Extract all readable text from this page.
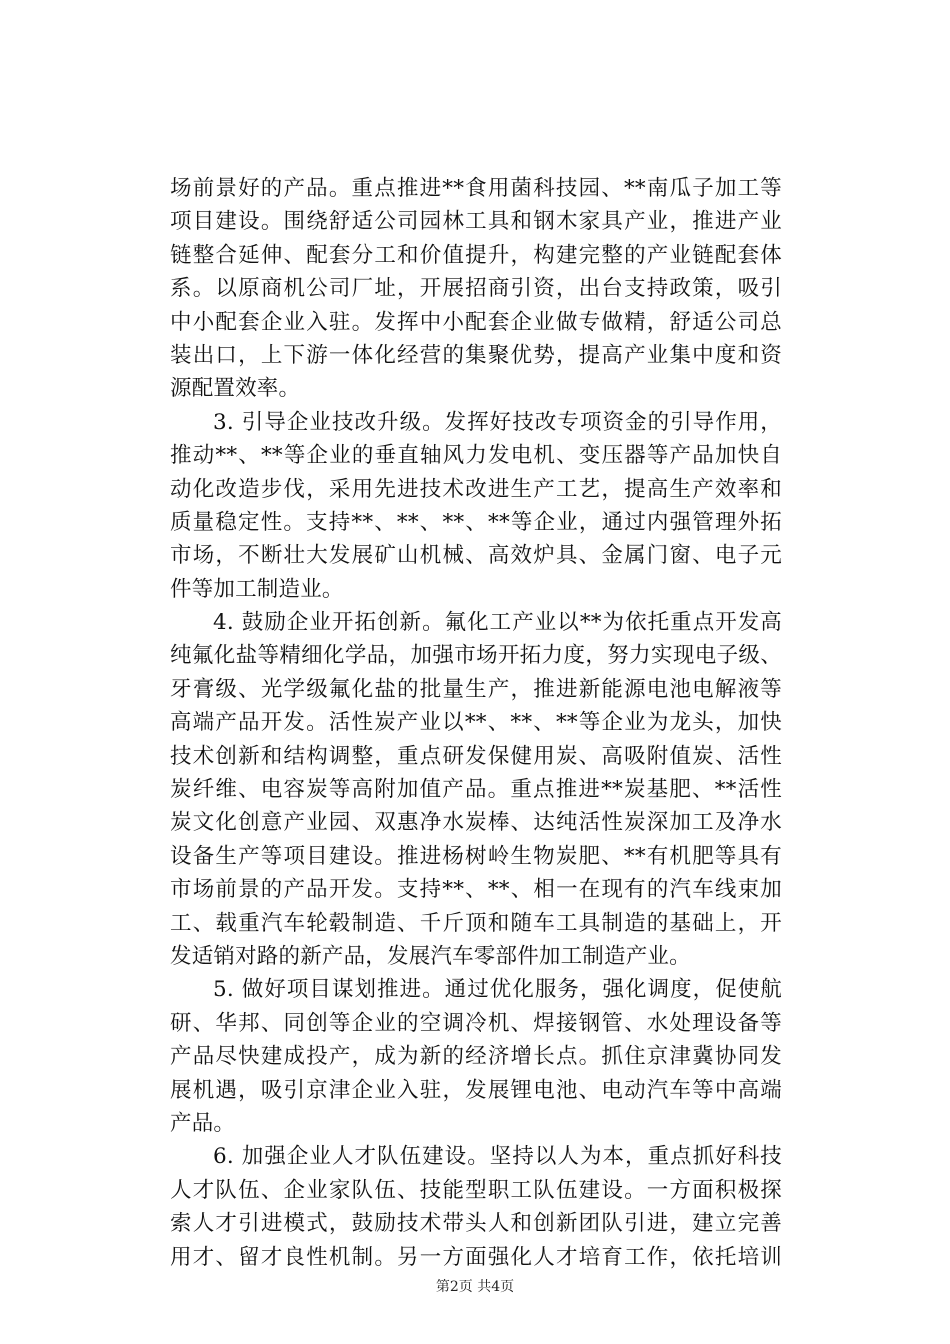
场前景好的产品。重点推进**食用菌科技园、**南瓜子加工等
项目建设。围绕舒适公司园林工具和钢木家具产业，推进产业
链整合延伸、配套分工和价值提升，构建完整的产业链配套体
系。以原商机公司厂址，开展招商引资，出台支持政策，吸引
中小配套企业入驻。发挥中小配套企业做专做精，舒适公司总
装出口，上下游一体化经营的集聚优势，提高产业集中度和资
源配置效率。
3. 引导企业技改升级。发挥好技改专项资金的引导作用，
推动**、**等企业的垂直轴风力发电机、变压器等产品加快自
动化改造步伐，采用先进技术改进生产工艺，提高生产效率和
质量稳定性。支持**、**、**、**等企业，通过内强管理外拓
市场，不断壮大发展矿山机械、高效炉具、金属门窗、电子元
件等加工制造业。
4. 鼓励企业开拓创新。氟化工产业以**为依托重点开发高
纯氟化盐等精细化学品，加强市场开拓力度，努力实现电子级、
牙膏级、光学级氟化盐的批量生产，推进新能源电池电解液等
高端产品开发。活性炭产业以**、**、**等企业为龙头，加快
技术创新和结构调整，重点研发保健用炭、高吸附值炭、活性
炭纤维、电容炭等高附加值产品。重点推进**炭基肥、**活性
炭文化创意产业园、双惠净水炭棒、达纯活性炭深加工及净水
设备生产等项目建设。推进杨树岭生物炭肥、**有机肥等具有
市场前景的产品开发。支持**、**、相一在现有的汽车线束加
工、载重汽车轮毂制造、千斤顶和随车工具制造的基础上，开
发适销对路的新产品，发展汽车零部件加工制造产业。
5. 做好项目谋划推进。通过优化服务，强化调度，促使航
研、华邦、同创等企业的空调冷机、焊接钢管、水处理设备等
产品尽快建成投产，成为新的经济增长点。抓住京津冀协同发
展机遇，吸引京津企业入驻，发展锂电池、电动汽车等中高端
产品。
6. 加强企业人才队伍建设。坚持以人为本，重点抓好科技
人才队伍、企业家队伍、技能型职工队伍建设。一方面积极探
索人才引进模式，鼓励技术带头人和创新团队引进，建立完善
用才、留才良性机制。另一方面强化人才培育工作，依托培训
第2页 共4页
